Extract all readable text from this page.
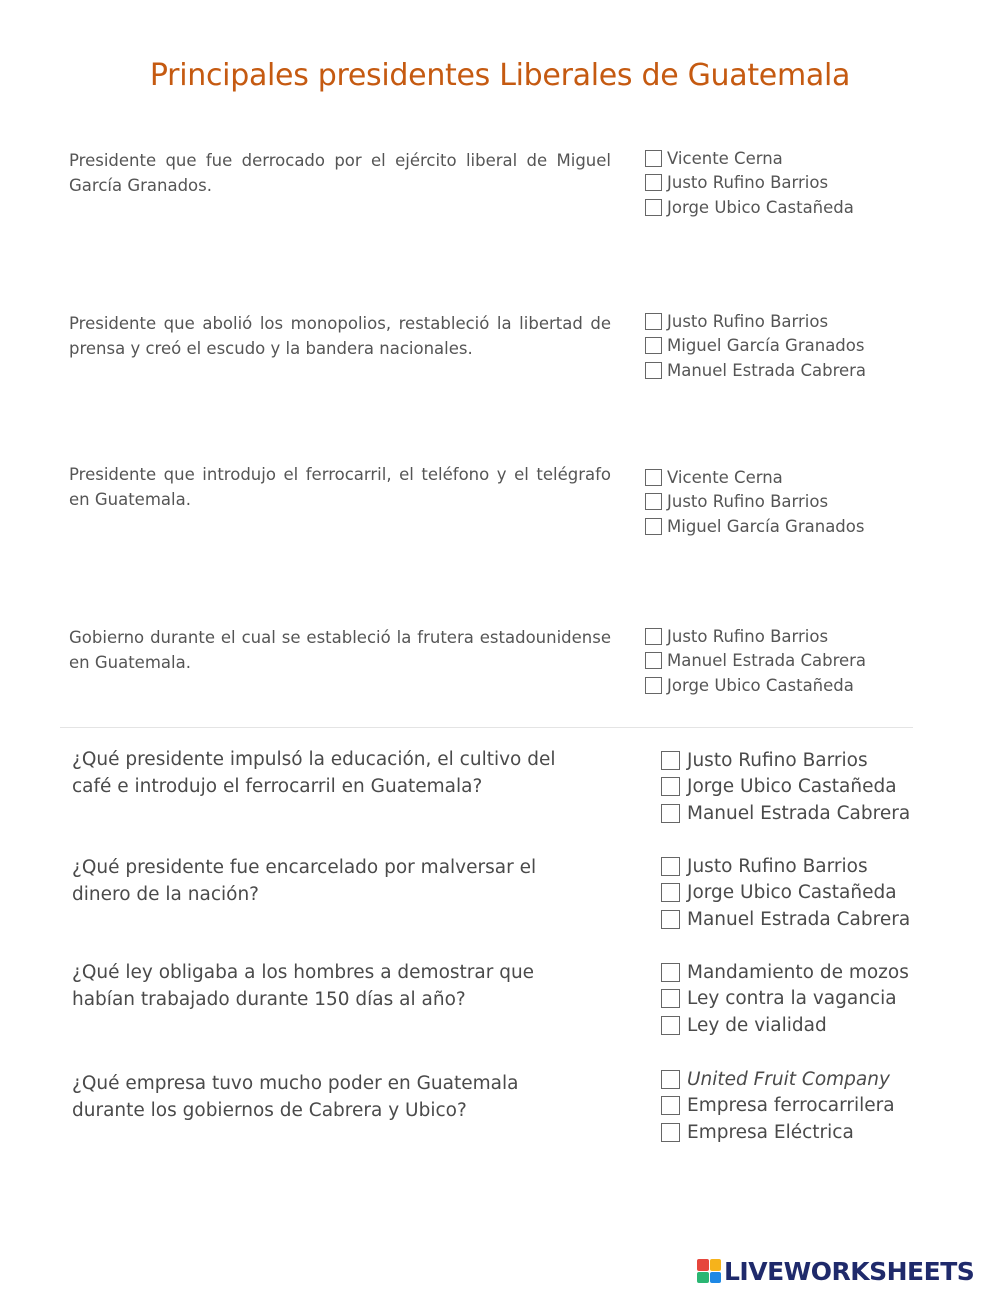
Principales presidentes Liberales de Guatemala
Presidente que fue derrocado por el ejército liberal de Miguel García Granados.
Vicente Cerna
Justo Rufino Barrios
Jorge Ubico Castañeda
Presidente que abolió los monopolios, restableció la libertad de prensa y creó el escudo y la bandera nacionales.
Justo Rufino Barrios
Miguel García Granados
Manuel Estrada Cabrera
Presidente que introdujo el ferrocarril, el teléfono y el telégrafo en Guatemala.
Vicente Cerna
Justo Rufino Barrios
Miguel García Granados
Gobierno durante el cual se estableció la frutera estadounidense en Guatemala.
Justo Rufino Barrios
Manuel Estrada Cabrera
Jorge Ubico Castañeda
¿Qué presidente impulsó la educación, el cultivo del café e introdujo el ferrocarril en Guatemala?
Justo Rufino Barrios
Jorge Ubico Castañeda
Manuel Estrada Cabrera
¿Qué presidente fue encarcelado por malversar el dinero de la nación?
Justo Rufino Barrios
Jorge Ubico Castañeda
Manuel Estrada Cabrera
¿Qué ley obligaba a los hombres a demostrar que habían trabajado durante 150 días al año?
Mandamiento de mozos
Ley contra la vagancia
Ley de vialidad
¿Qué empresa tuvo mucho poder en Guatemala durante los gobiernos de Cabrera y Ubico?
United Fruit Company
Empresa ferrocarrilera
Empresa Eléctrica
LIVEWORKSHEETS
